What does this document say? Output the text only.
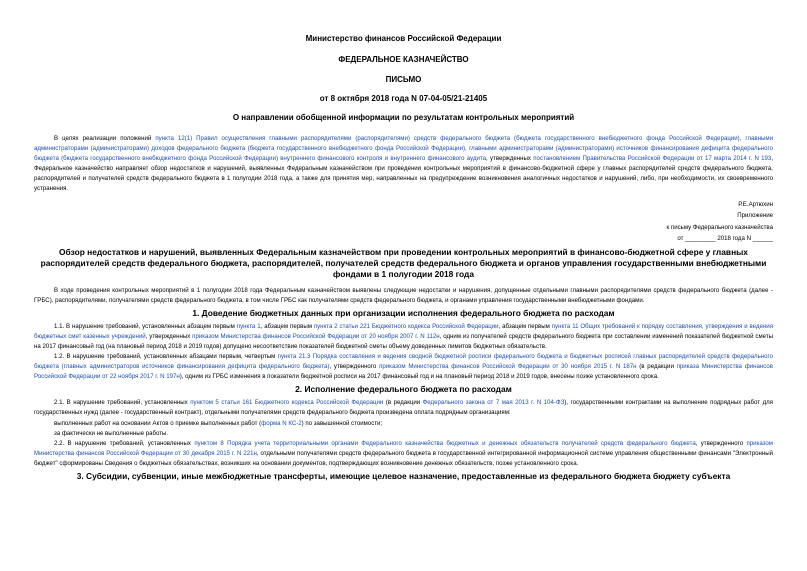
Министерство финансов Российской Федерации
ФЕДЕРАЛЬНОЕ КАЗНАЧЕЙСТВО
ПИСЬМО
от 8 октября 2018 года N 07-04-05/21-21405
О направлении обобщенной информации по результатам контрольных мероприятий

В целях реализации положений пункта 12(1) Правил осуществления главными распорядителями (распорядителями) средств федерального бюджета (бюджета государственного внебюджетного фонда Российской Федерации), главными администраторами (администраторами) доходов федерального бюджета (бюджета государственного внебюджетного фонда Российской Федерации), главными администраторами (администраторами) источников финансирования дефицита федерального бюджета (бюджета государственного внебюджетного фонда Российской Федерации) внутреннего финансового контроля и внутреннего финансового аудита, утвержденных постановлением Правительства Российской Федерации от 17 марта 2014 г. N 193, Федеральное казначейство направляет обзор недостатков и нарушений, выявленных Федеральным казначейством при проведении контрольных мероприятий в финансово-бюджетной сфере у главных распорядителей средств федерального бюджета, распорядителей и получателей средств федерального бюджета в 1 полугодии 2018 года, а также для принятия мер, направленных на предупреждение возникновения аналогичных недостатков и нарушений, либо, при необходимости, их своевременного устранения.

Р.Е.Артюхин
Приложение
к письму Федерального казначейства
от _________ 2018 года N ______
Обзор недостатков и нарушений, выявленных Федеральным казначейством при проведении контрольных мероприятий в финансово-бюджетной сфере у главных распорядителей средств федерального бюджета, распорядителей, получателей средств федерального бюджета и органов управления государственными внебюджетными фондами в 1 полугодии 2018 года

В ходе проведения контрольных мероприятий в 1 полугодии 2018 года Федеральным казначейством выявлены следующие недостатки и нарушения, допущенные отдельными главными распорядителями средств федерального бюджета (далее - ГРБС), распорядителями, получателями средств федерального бюджета, в том числе ГРБС как получателями средств федерального бюджета, и органами управления государственными внебюджетными фондами.

1. Доведение бюджетных данных при организации исполнения федерального бюджета по расходам

1.1. В нарушение требований, установленных абзацем первым пункта 1, абзацем первым пункта 2 статьи 221 Бюджетного кодекса Российской Федерации, абзацем первым пункта 11 Общих требований к порядку составления, утверждения и ведения бюджетных смет казенных учреждений, утвержденных приказом Министерства финансов Российской Федерации от 20 ноября 2007 г. N 112н, одним из получателей средств федерального бюджета при составлении изменений показателей бюджетной сметы на 2017 финансовый год (на плановый период 2018 и 2019 годов) допущено несоответствие показателей бюджетной сметы объему доведенных лимитов бюджетных обязательств.

1.2. В нарушение требований, установленных абзацами первым, четвертым пункта 21.3 Порядка составления и ведения сводной бюджетной росписи федерального бюджета и бюджетных росписей главных распорядителей средств федерального бюджета (главных администраторов источников финансирования дефицита федерального бюджета), утвержденного приказом Министерства финансов Российской Федерации от 30 ноября 2015 г. N 187н (в редакции приказа Министерства финансов Российской Федерации от 22 ноября 2017 г. N 197н), одним из ГРБС изменения в показатели бюджетной росписи на 2017 финансовый год и на плановый период 2018 и 2019 годов, внесены позже установленного срока.

2. Исполнение федерального бюджета по расходам

2.1. В нарушение требований, установленных пунктом 5 статьи 161 Бюджетного кодекса Российской Федерации (в редакции Федерального закона от 7 мая 2013 г. N 104-ФЗ), государственными контрактами на выполнение подрядных работ для государственных нужд (далее - государственный контракт), отдельными получателями средств федерального бюджета произведена оплата подрядным организациям:

выполненных работ на основании Актов о приемке выполненных работ (форма N КС-2) по завышенной стоимости;

за фактически не выполненные работы.

2.2. В нарушение требований, установленных пунктом 8 Порядка учета территориальными органами Федерального казначейства бюджетных и денежных обязательств получателей средств федерального бюджета, утвержденного приказом Министерства финансов Российской Федерации от 30 декабря 2015 г. N 221н, отдельными получателями средств федерального бюджета в государственной интегрированной информационной системе управления общественными финансами "Электронный бюджет" сформированы Сведения о бюджетных обязательствах, возникших на основании документов, подтверждающих возникновение денежных обязательств, позже установленного срока.

3. Субсидии, субвенции, иные межбюджетные трансферты, имеющие целевое назначение, предоставленные из федерального бюджета бюджету субъекта
